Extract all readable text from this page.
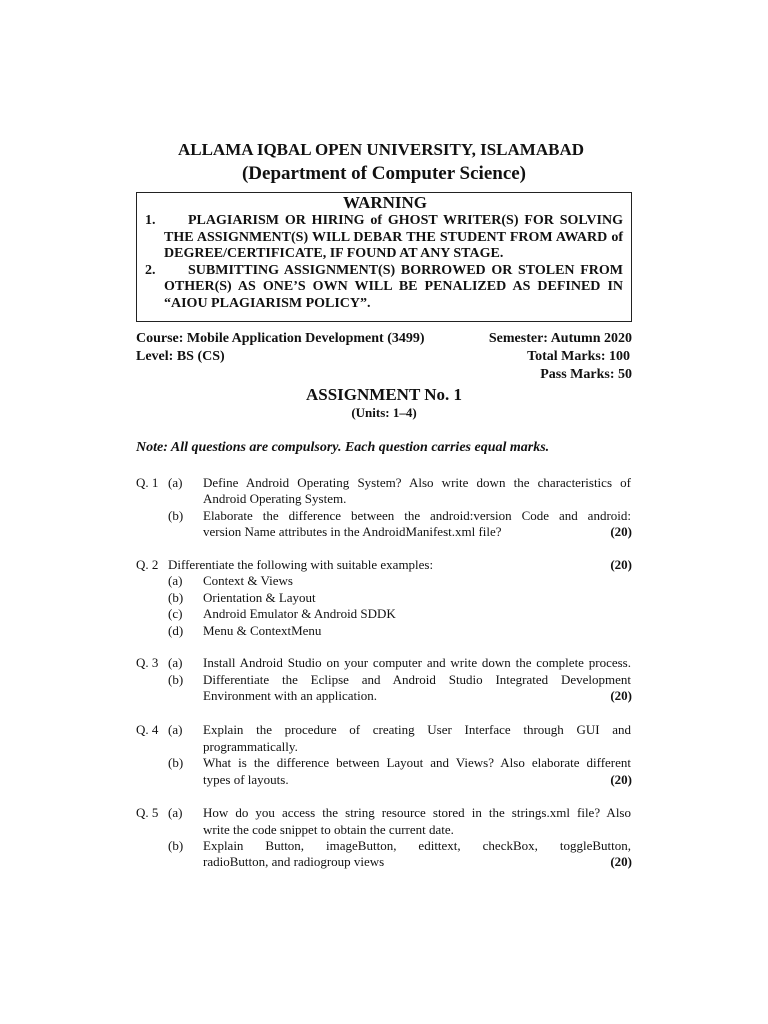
ALLAMA IQBAL OPEN UNIVERSITY, ISLAMABAD
(Department of Computer Science)
WARNING
1.	PLAGIARISM OR HIRING of GHOST WRITER(S) FOR SOLVING
THE ASSIGNMENT(S) WILL DEBAR THE STUDENT FROM AWARD of
DEGREE/CERTIFICATE, IF FOUND AT ANY STAGE.
2.	SUBMITTING ASSIGNMENT(S) BORROWED OR STOLEN FROM
OTHER(S) AS ONE’S OWN WILL BE PENALIZED AS DEFINED IN
“AIOU PLAGIARISM POLICY”.
Course: Mobile Application Development (3499)	Semester: Autumn 2020
Level: BS (CS)	Total Marks: 100
Pass Marks: 50
ASSIGNMENT No. 1
(Units: 1–4)
Note: All questions are compulsory. Each question carries equal marks.
Q. 1 (a) Define Android Operating System? Also write down the characteristics of
Android Operating System.
(b) Elaborate the difference between the android:version Code and android:
version Name attributes in the AndroidManifest.xml file?	(20)
Q. 2 Differentiate the following with suitable examples:	(20)
(a) Context & Views
(b) Orientation & Layout
(c) Android Emulator & Android SDDK
(d) Menu & ContextMenu
Q. 3 (a) Install Android Studio on your computer and write down the complete process.
(b) Differentiate the Eclipse and Android Studio Integrated Development
Environment with an application.	(20)
Q. 4 (a) Explain the procedure of creating User Interface through GUI and
programmatically.
(b) What is the difference between Layout and Views? Also elaborate different
types of layouts.	(20)
Q. 5 (a) How do you access the string resource stored in the strings.xml file? Also
write the code snippet to obtain the current date.
(b) Explain Button, imageButton, edittext, checkBox, toggleButton,
radioButton, and radiogroup views	(20)
